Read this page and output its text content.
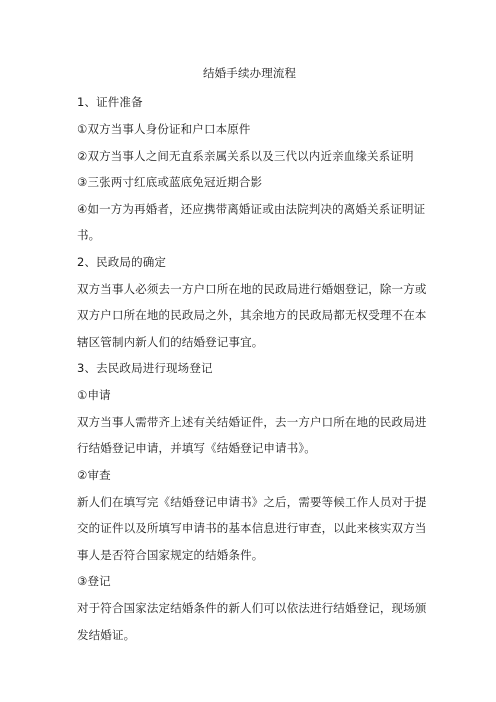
结婚手续办理流程
1、证件准备
①双方当事人身份证和户口本原件
②双方当事人之间无直系亲属关系以及三代以内近亲血缘关系证明
③三张两寸红底或蓝底免冠近期合影
④如一方为再婚者，还应携带离婚证或由法院判决的离婚关系证明证
书。
2、民政局的确定
双方当事人必须去一方户口所在地的民政局进行婚姻登记，除一方或
双方户口所在地的民政局之外，其余地方的民政局都无权受理不在本
辖区管制内新人们的结婚登记事宜。
3、去民政局进行现场登记
①申请
双方当事人需带齐上述有关结婚证件，去一方户口所在地的民政局进
行结婚登记申请，并填写《结婚登记申请书》。
②审查
新人们在填写完《结婚登记申请书》之后，需要等候工作人员对于提
交的证件以及所填写申请书的基本信息进行审查，以此来核实双方当
事人是否符合国家规定的结婚条件。
③登记
对于符合国家法定结婚条件的新人们可以依法进行结婚登记，现场颁
发结婚证。
